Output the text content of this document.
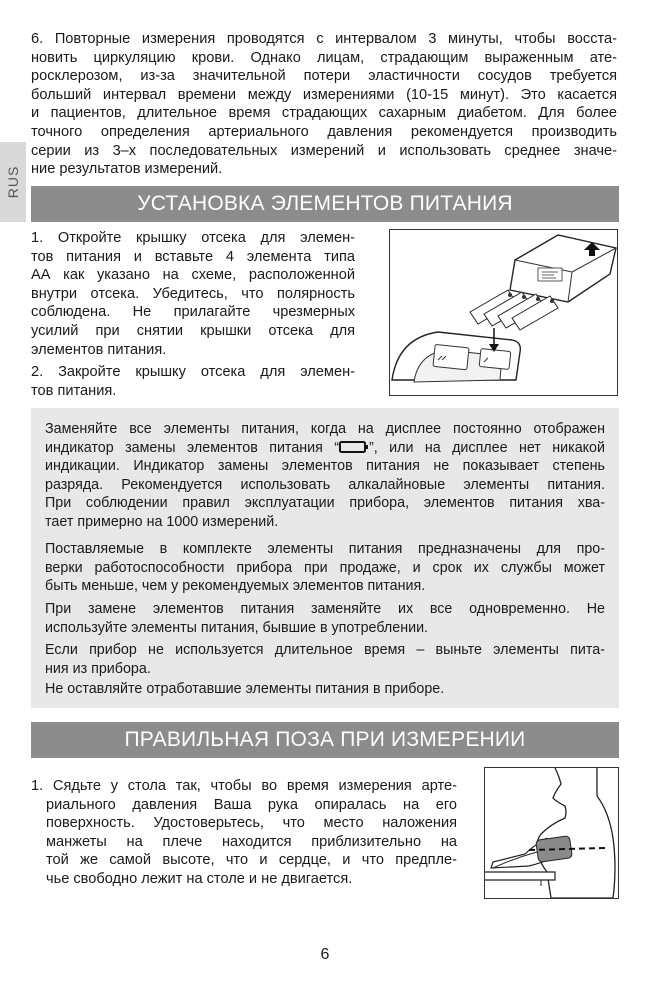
RUS
6. Повторные измерения проводятся с интервалом 3 минуты, чтобы восста-
новить циркуляцию крови. Однако лицам, страдающим выраженным ате-
росклерозом, из-за значительной потери эластичности сосудов требуется
больший интервал времени между измерениями (10-15 минут). Это касается
и пациентов, длительное время страдающих сахарным диабетом. Для более
точного определения артериального давления рекомендуется производить
серии из 3–х последовательных измерений и использовать среднее значе-
ние результатов измерений.
УСТАНОВКА ЭЛЕМЕНТОВ ПИТАНИЯ
1. Откройте крышку отсека для элемен-
тов питания и вставьте 4 элемента типа
АА как указано на схеме, расположенной
внутри отсека. Убедитесь, что полярность
соблюдена. Не прилагайте чрезмерных
усилий при снятии крышки отсека для
элементов питания.
2. Закройте крышку отсека для элемен-
тов питания.
Заменяйте все элементы питания, когда на дисплее постоянно отображен
индикатор замены элементов питания “ ”, или на дисплее нет никакой
индикации. Индикатор замены элементов питания не показывает степень
разряда. Рекомендуется использовать алкалайновые элементы питания.
При соблюдении правил эксплуатации прибора, элементов питания хва-
тает примерно на 1000 измерений.
Поставляемые в комплекте элементы питания предназначены для про-
верки работоспособности прибора при продаже, и срок их службы может
быть меньше, чем у рекомендуемых элементов питания.
При замене элементов питания заменяйте их все одновременно. Не
используйте элементы питания, бывшие в употреблении.
Если прибор не используется длительное время – выньте элементы пита-
ния из прибора.
Не оставляйте отработавшие элементы питания в приборе.
ПРАВИЛЬНАЯ ПОЗА ПРИ ИЗМЕРЕНИИ
1. Сядьте у стола так, чтобы во время измерения арте-
риального давления Ваша рука опиралась на его
поверхность. Удостоверьтесь, что место наложения
манжеты на плече находится приблизительно на
той же самой высоте, что и сердце, и что предпле-
чье свободно лежит на столе и не двигается.
6
